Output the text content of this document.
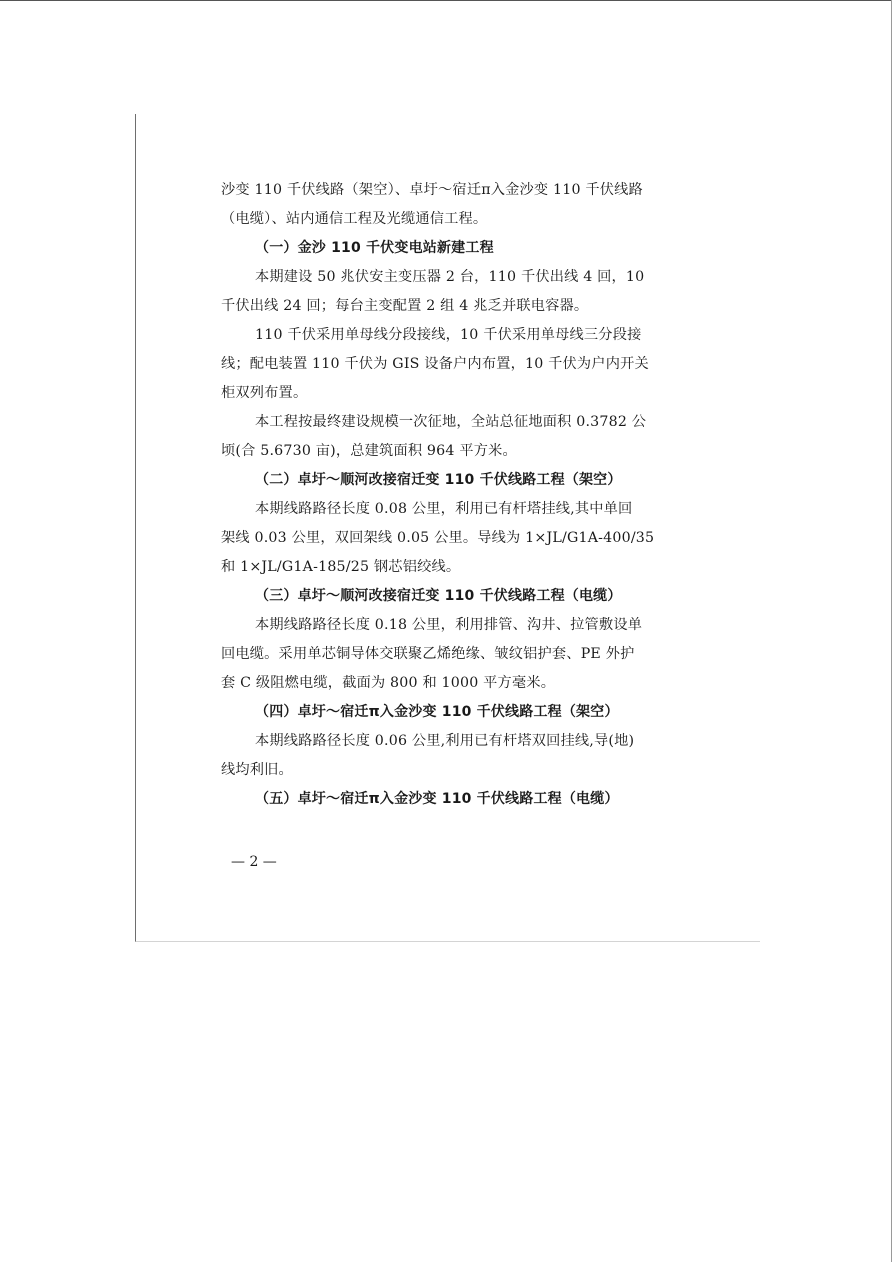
沙变 110 千伏线路（架空）、卓圩～宿迁π入金沙变 110 千伏线路
（电缆）、站内通信工程及光缆通信工程。
（一）金沙 110 千伏变电站新建工程
本期建设 50 兆伏安主变压器 2 台，110 千伏出线 4 回，10
千伏出线 24 回；每台主变配置 2 组 4 兆乏并联电容器。
110 千伏采用单母线分段接线，10 千伏采用单母线三分段接
线；配电装置 110 千伏为 GIS 设备户内布置，10 千伏为户内开关
柜双列布置。
本工程按最终建设规模一次征地，全站总征地面积 0.3782 公
顷(合 5.6730 亩)，总建筑面积 964 平方米。
（二）卓圩～顺河改接宿迁变 110 千伏线路工程（架空）
本期线路路径长度 0.08 公里，利用已有杆塔挂线,其中单回
架线 0.03 公里，双回架线 0.05 公里。导线为 1×JL/G1A-400/35
和 1×JL/G1A-185/25 钢芯铝绞线。
（三）卓圩～顺河改接宿迁变 110 千伏线路工程（电缆）
本期线路路径长度 0.18 公里，利用排管、沟井、拉管敷设单
回电缆。采用单芯铜导体交联聚乙烯绝缘、皱纹铝护套、PE 外护
套 C 级阻燃电缆，截面为 800 和 1000 平方毫米。
（四）卓圩～宿迁π入金沙变 110 千伏线路工程（架空）
本期线路路径长度 0.06 公里,利用已有杆塔双回挂线,导(地)
线均利旧。
（五）卓圩～宿迁π入金沙变 110 千伏线路工程（电缆）
— 2 —
